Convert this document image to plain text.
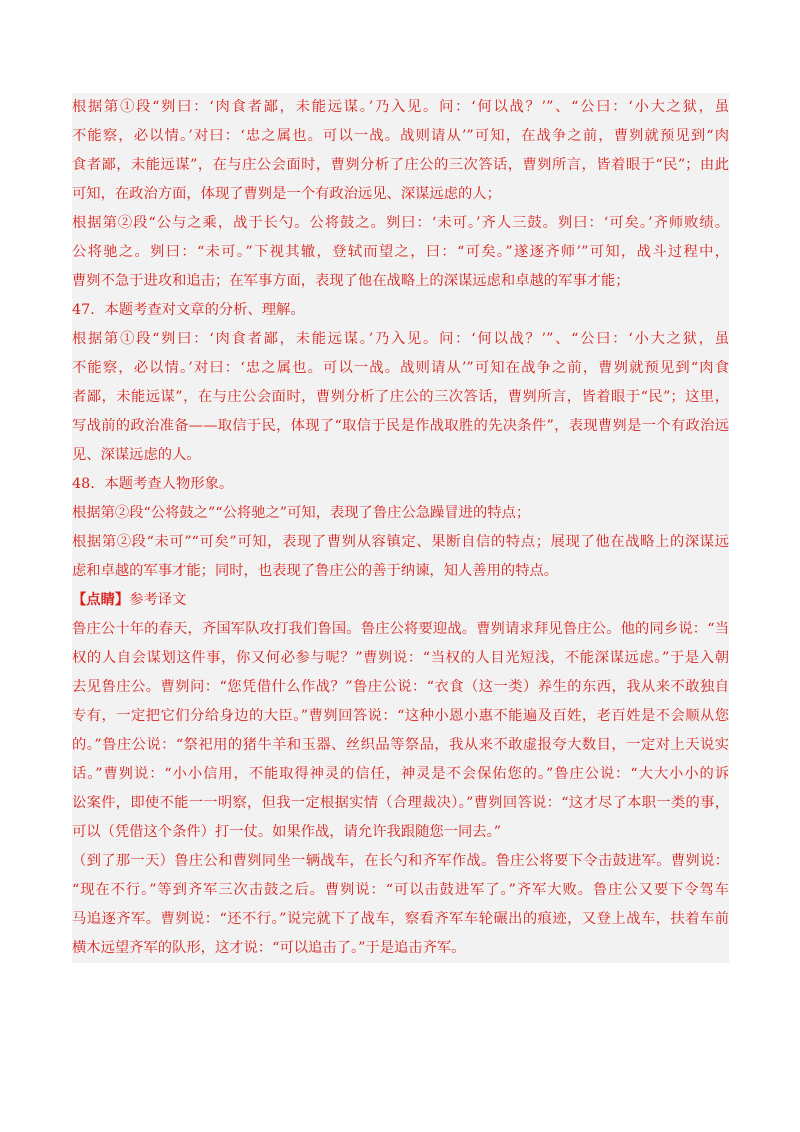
根据第①段“刿曰：‘肉食者鄙，未能远谋。’乃入见。问：‘何以战？’”、“公曰：‘小大之狱，虽
不能察，必以情。’对曰：‘忠之属也。可以一战。战则请从’”可知，在战争之前，曹刿就预见到“肉
食者鄙，未能远谋”，在与庄公会面时，曹刿分析了庄公的三次答话，曹刿所言，皆着眼于“民”；由此
可知，在政治方面，体现了曹刿是一个有政治远见、深谋远虑的人；
根据第②段“公与之乘，战于长勺。公将鼓之。刿曰：‘未可。’齐人三鼓。刿曰：‘可矣。’齐师败绩。
公将驰之。刿曰：“未可。”下视其辙，登轼而望之，曰：“可矣。”遂逐齐师’”可知，战斗过程中，
曹刿不急于进攻和追击；在军事方面，表现了他在战略上的深谋远虑和卓越的军事才能；
47．本题考查对文章的分析、理解。
根据第①段“刿曰：‘肉食者鄙，未能远谋。’乃入见。问：‘何以战？’”、“公曰：‘小大之狱，虽
不能察，必以情。’对曰：‘忠之属也。可以一战。战则请从’”可知在战争之前，曹刿就预见到“肉食
者鄙，未能远谋”，在与庄公会面时，曹刿分析了庄公的三次答话，曹刿所言，皆着眼于“民”；这里，
写战前的政治准备——取信于民，体现了“取信于民是作战取胜的先决条件”，表现曹刿是一个有政治远
见、深谋远虑的人。
48．本题考查人物形象。
根据第②段“公将鼓之”“公将驰之”可知，表现了鲁庄公急躁冒进的特点；
根据第②段“未可”“可矣”可知，表现了曹刿从容镇定、果断自信的特点；展现了他在战略上的深谋远
虑和卓越的军事才能；同时，也表现了鲁庄公的善于纳谏，知人善用的特点。
【点睛】参考译文
鲁庄公十年的春天，齐国军队攻打我们鲁国。鲁庄公将要迎战。曹刿请求拜见鲁庄公。他的同乡说：“当
权的人自会谋划这件事，你又何必参与呢？”曹刿说：“当权的人目光短浅，不能深谋远虑。”于是入朝
去见鲁庄公。曹刿问：“您凭借什么作战？”鲁庄公说：“衣食（这一类）养生的东西，我从来不敢独自
专有，一定把它们分给身边的大臣。”曹刿回答说：“这种小恩小惠不能遍及百姓，老百姓是不会顺从您
的。”鲁庄公说：“祭祀用的猪牛羊和玉器、丝织品等祭品，我从来不敢虚报夸大数目，一定对上天说实
话。”曹刿说：“小小信用，不能取得神灵的信任，神灵是不会保佑您的。”鲁庄公说：“大大小小的诉
讼案件，即使不能一一明察，但我一定根据实情（合理裁决）。”曹刿回答说：“这才尽了本职一类的事，
可以（凭借这个条件）打一仗。如果作战，请允许我跟随您一同去。”
（到了那一天）鲁庄公和曹刿同坐一辆战车，在长勺和齐军作战。鲁庄公将要下令击鼓进军。曹刿说：
“现在不行。”等到齐军三次击鼓之后。曹刿说：“可以击鼓进军了。”齐军大败。鲁庄公又要下令驾车
马追逐齐军。曹刿说：“还不行。”说完就下了战车，察看齐军车轮碾出的痕迹，又登上战车，扶着车前
横木远望齐军的队形，这才说：“可以追击了。”于是追击齐军。
